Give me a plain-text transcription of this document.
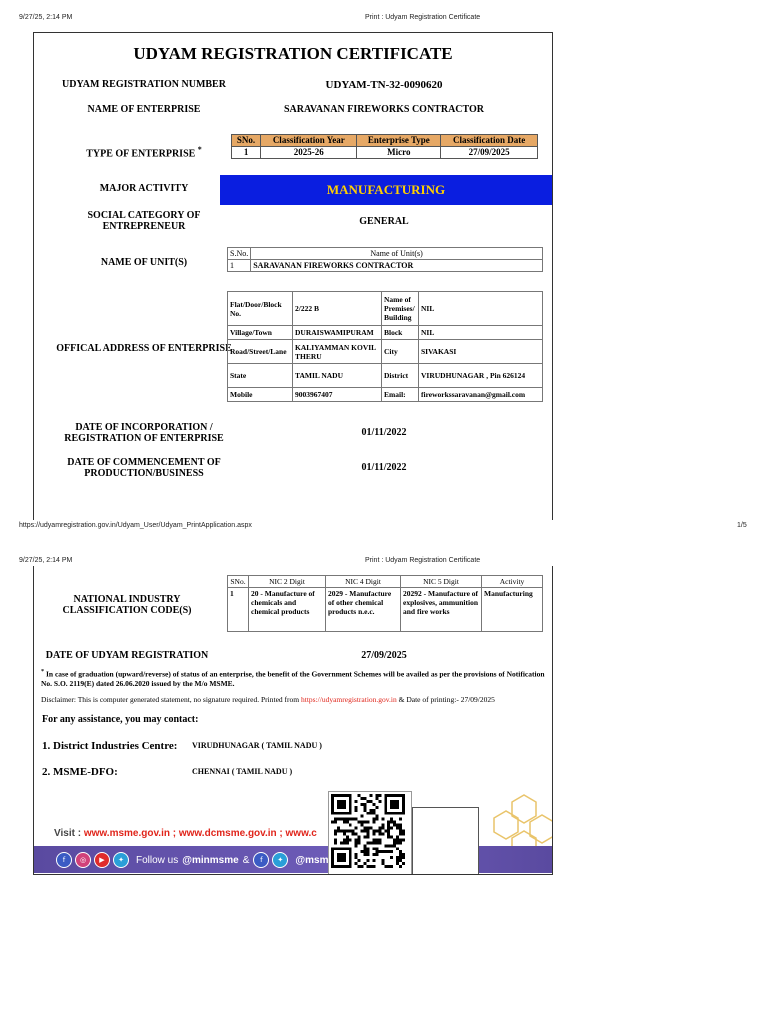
9/27/25, 2:14 PM	Print : Udyam Registration Certificate
UDYAM REGISTRATION CERTIFICATE
UDYAM REGISTRATION NUMBER	UDYAM-TN-32-0090620
NAME OF ENTERPRISE	SARAVANAN FIREWORKS CONTRACTOR
TYPE OF ENTERPRISE *
SNo.	Classification Year	Enterprise Type	Classification Date
1	2025-26	Micro	27/09/2025
MAJOR ACTIVITY	MANUFACTURING
SOCIAL CATEGORY OF
ENTREPRENEUR	GENERAL
NAME OF UNIT(S)
S.No.	Name of Unit(s)
1	SARAVANAN FIREWORKS CONTRACTOR
OFFICAL ADDRESS OF ENTERPRISE
Flat/Door/Block No.	2/222 B	Name of Premises/ Building	NIL
Village/Town	DURAISWAMIPURAM	Block	NIL
Road/Street/Lane	KALIYAMMAN KOVIL THERU	City	SIVAKASI
State	TAMIL NADU	District	VIRUDHUNAGAR , Pin 626124
Mobile	9003967407	Email:	fireworkssaravanan@gmail.com
DATE OF INCORPORATION /
REGISTRATION OF ENTERPRISE
01/11/2022
DATE OF COMMENCEMENT OF
PRODUCTION/BUSINESS
01/11/2022
https://udyamregistration.gov.in/Udyam_User/Udyam_PrintApplication.aspx	1/5
9/27/25, 2:14 PM	Print : Udyam Registration Certificate
NATIONAL INDUSTRY
CLASSIFICATION CODE(S)
SNo.	NIC 2 Digit	NIC 4 Digit	NIC 5 Digit	Activity
1	20 - Manufacture of chemicals and chemical products	2029 - Manufacture of other chemical products n.e.c.	20292 - Manufacture of explosives, ammunition and fire works	Manufacturing
DATE OF UDYAM REGISTRATION	27/09/2025
* In case of graduation (upward/reverse) of status of an enterprise, the benefit of the Government Schemes will be availed as per the provisions of Notification No. S.O. 2119(E) dated 26.06.2020 issued by the M/o MSME.
Disclaimer: This is computer generated statement, no signature required. Printed from https://udyamregistration.gov.in & Date of printing:- 27/09/2025
For any assistance, you may contact:
1. District Industries Centre: VIRUDHUNAGAR ( TAMIL NADU )
2. MSME-DFO:	CHENNAI ( TAMIL NADU )
Visit : www.msme.gov.in ; www.dcmsme.gov.in ; www.c
f	◎	▶	✦	Follow us @minmsme &	f	✦	@msm
